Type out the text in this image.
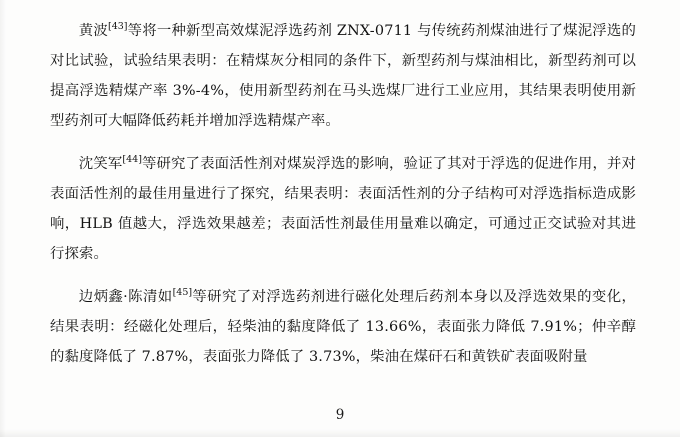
黄波[43]等将一种新型高效煤泥浮选药剂 ZNX-0711 与传统药剂煤油进行了煤泥浮选的对比试验，试验结果表明：在精煤灰分相同的条件下，新型药剂与煤油相比，新型药剂可以提高浮选精煤产率 3%-4%，使用新型药剂在马头选煤厂进行工业应用，其结果表明使用新型药剂可大幅降低药耗并增加浮选精煤产率。

沈笑军[44]等研究了表面活性剂对煤炭浮选的影响，验证了其对于浮选的促进作用，并对表面活性剂的最佳用量进行了探究，结果表明：表面活性剂的分子结构可对浮选指标造成影响，HLB 值越大，浮选效果越差；表面活性剂最佳用量难以确定，可通过正交试验对其进行探索。

边炳鑫·陈清如[45]等研究了对浮选药剂进行磁化处理后药剂本身以及浮选效果的变化，结果表明：经磁化处理后，轻柴油的黏度降低了 13.66%，表面张力降低 7.91%；仲辛醇的黏度降低了 7.87%，表面张力降低了 3.73%，柴油在煤矸石和黄铁矿表面吸附量

9
